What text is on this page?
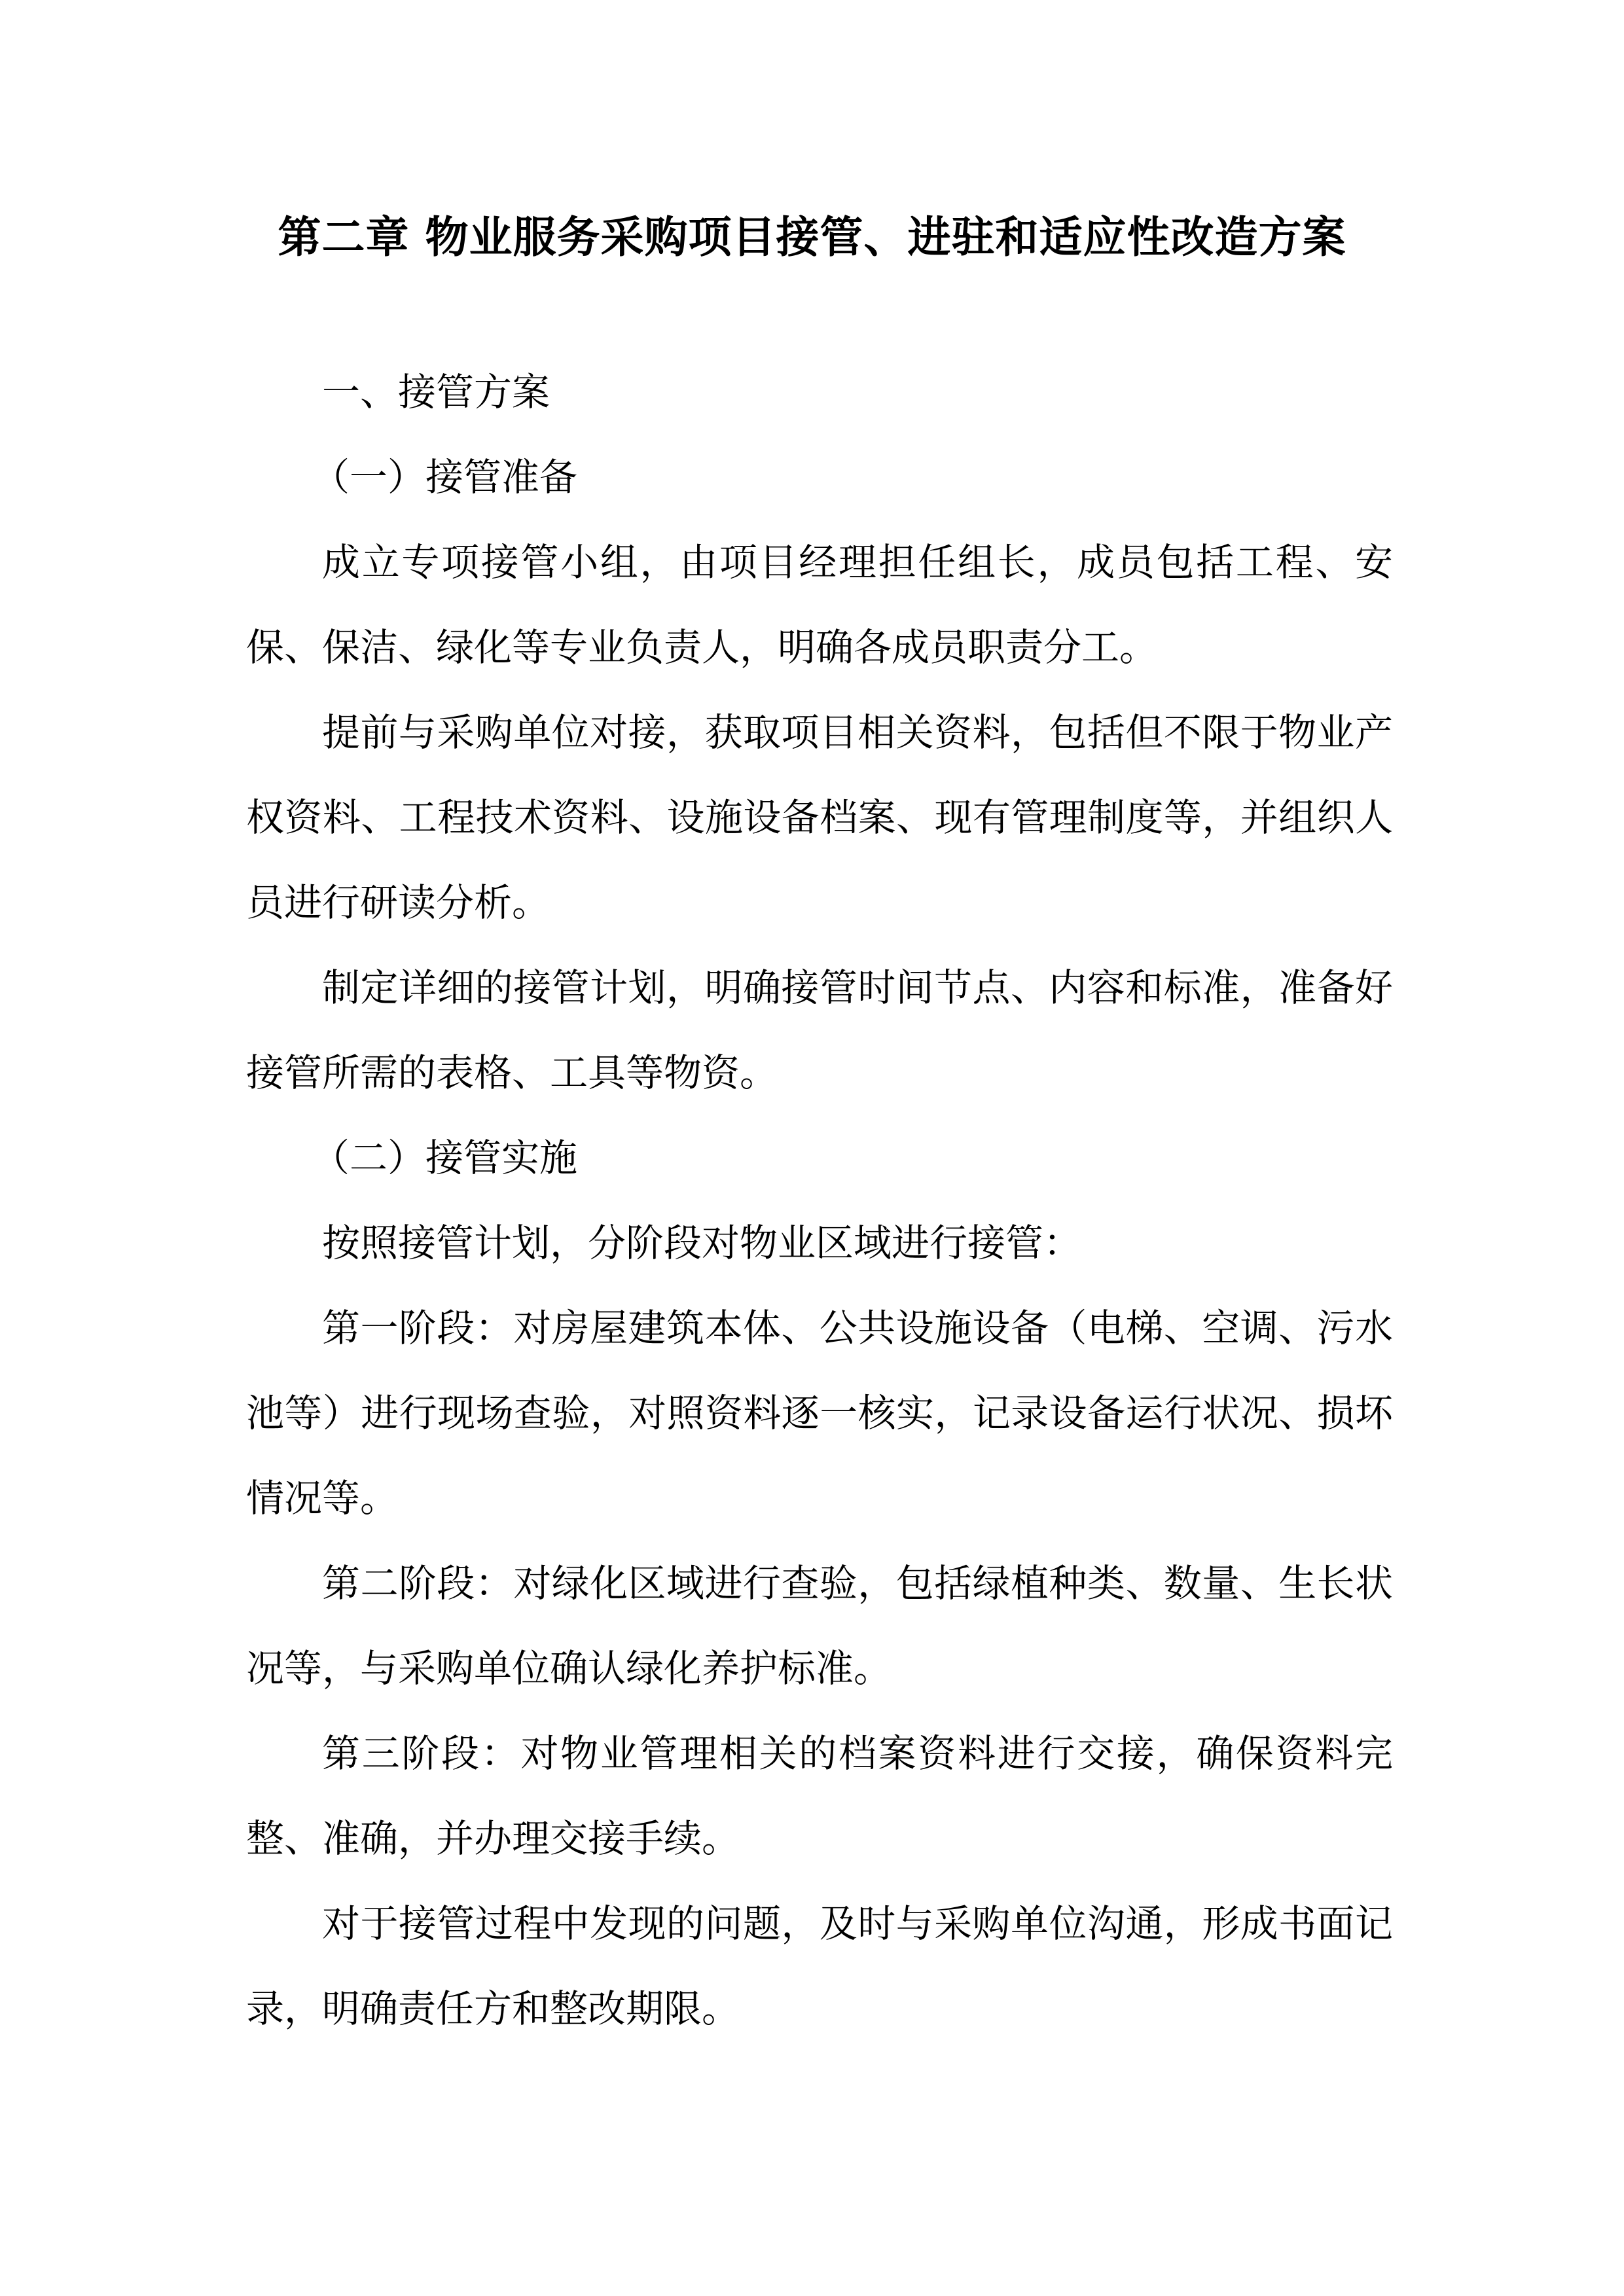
第二章 物业服务采购项目接管、进驻和适应性改造方案

一、接管方案

（一）接管准备

成立专项接管小组，由项目经理担任组长，成员包括工程、安保、保洁、绿化等专业负责人，明确各成员职责分工。

提前与采购单位对接，获取项目相关资料，包括但不限于物业产权资料、工程技术资料、设施设备档案、现有管理制度等，并组织人员进行研读分析。

制定详细的接管计划，明确接管时间节点、内容和标准，准备好接管所需的表格、工具等物资。

（二）接管实施

按照接管计划，分阶段对物业区域进行接管：

第一阶段：对房屋建筑本体、公共设施设备（电梯、空调、污水池等）进行现场查验，对照资料逐一核实，记录设备运行状况、损坏情况等。

第二阶段：对绿化区域进行查验，包括绿植种类、数量、生长状况等，与采购单位确认绿化养护标准。

第三阶段：对物业管理相关的档案资料进行交接，确保资料完整、准确，并办理交接手续。

对于接管过程中发现的问题，及时与采购单位沟通，形成书面记录，明确责任方和整改期限。
